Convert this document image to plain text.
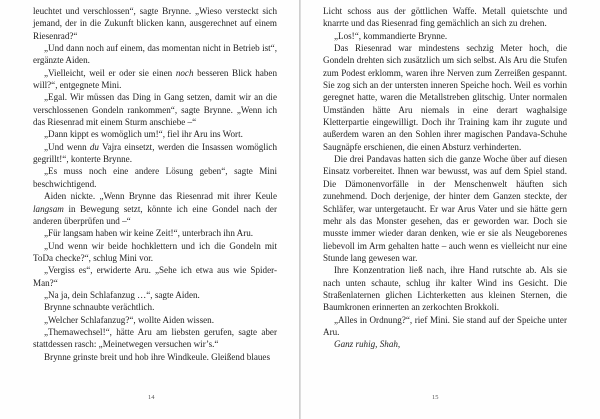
leuchtet und verschlossen“, sagte Brynne. „Wieso versteckt sich jemand, der in die Zukunft blicken kann, ausgerechnet auf einem Riesenrad?“
„Und dann noch auf einem, das momentan nicht in Betrieb ist“, ergänzte Aiden.
„Vielleicht, weil er oder sie einen noch besseren Blick haben will?“, entgegnete Mini.
„Egal. Wir müssen das Ding in Gang setzen, damit wir an die verschlossenen Gondeln rankommen“, sagte Brynne. „Wenn ich das Riesenrad mit einem Sturm anschiebe –“
„Dann kippt es womöglich um!“, fiel ihr Aru ins Wort.
„Und wenn du Vajra einsetzt, werden die Insassen womöglich gegrillt!“, konterte Brynne.
„Es muss noch eine andere Lösung geben“, sagte Mini beschwichtigend.
Aiden nickte. „Wenn Brynne das Riesenrad mit ihrer Keule langsam in Bewegung setzt, könnte ich eine Gondel nach der anderen überprüfen und –“
„Für langsam haben wir keine Zeit!“, unterbrach ihn Aru.
„Und wenn wir beide hochklettern und ich die Gondeln mit ToDa checke?“, schlug Mini vor.
„Vergiss es“, erwiderte Aru. „Sehe ich etwa aus wie Spider-Man?“
„Na ja, dein Schlafanzug …“, sagte Aiden.
Brynne schnaubte verächtlich.
„Welcher Schlafanzug?“, wollte Aiden wissen.
„Themawechsel!“, hätte Aru am liebsten gerufen, sagte aber stattdessen rasch: „Meinetwegen versuchen wir’s.“
Brynne grinste breit und hob ihre Windkeule. Gleißend blaues
14
Licht schoss aus der göttlichen Waffe. Metall quietschte und knarrte und das Riesenrad fing gemächlich an sich zu drehen.
„Los!“, kommandierte Brynne.
Das Riesenrad war mindestens sechzig Meter hoch, die Gondeln drehten sich zusätzlich um sich selbst. Als Aru die Stufen zum Podest erklomm, waren ihre Nerven zum Zerreißen gespannt. Sie zog sich an der untersten inneren Speiche hoch. Weil es vorhin geregnet hatte, waren die Metallstreben glitschig. Unter normalen Umständen hätte Aru niemals in eine derart waghalsige Kletterpartie eingewilligt. Doch ihr Training kam ihr zugute und außerdem waren an den Sohlen ihrer magischen Pandava-Schuhe Saugnäpfe erschienen, die einen Absturz verhinderten.
Die drei Pandavas hatten sich die ganze Woche über auf diesen Einsatz vorbereitet. Ihnen war bewusst, was auf dem Spiel stand. Die Dämonenvorfälle in der Menschenwelt häuften sich zunehmend. Doch derjenige, der hinter dem Ganzen steckte, der Schläfer, war untergetaucht. Er war Arus Vater und sie hätte gern mehr als das Monster gesehen, das er geworden war. Doch sie musste immer wieder daran denken, wie er sie als Neugeborenes liebevoll im Arm gehalten hatte – auch wenn es vielleicht nur eine Stunde lang gewesen war.
Ihre Konzentration ließ nach, ihre Hand rutschte ab. Als sie nach unten schaute, schlug ihr kalter Wind ins Gesicht. Die Straßenlaternen glichen Lichterketten aus kleinen Sternen, die Baumkronen erinnerten an zerkochten Brokkoli.
„Alles in Ordnung?“, rief Mini. Sie stand auf der Speiche unter Aru.
Ganz ruhig, Shah,
15
